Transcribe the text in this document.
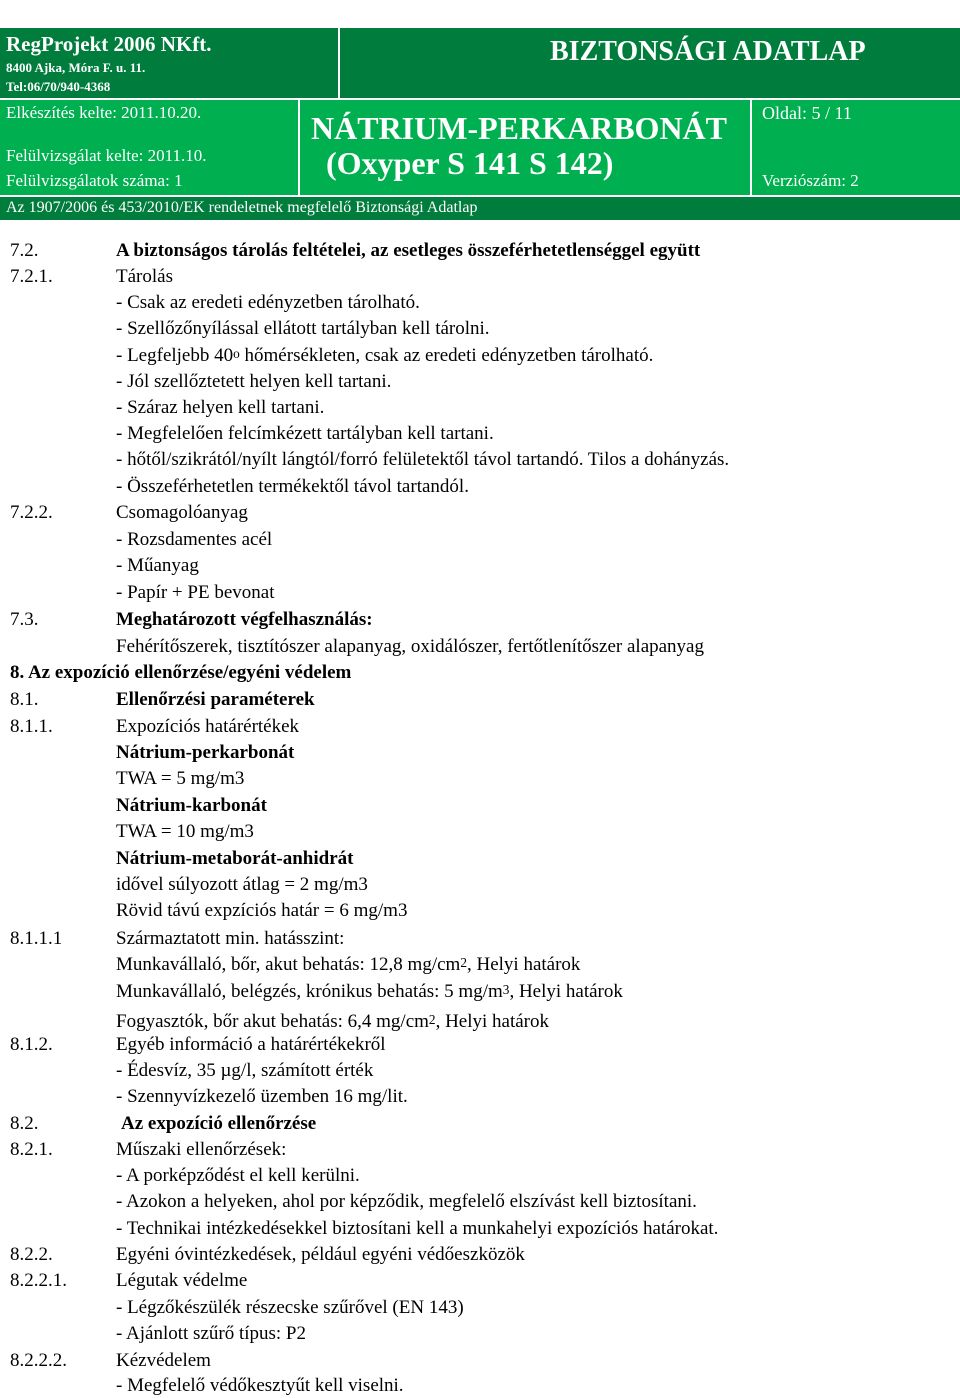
RegProjekt 2006 NKft.
8400 Ajka, Móra F. u. 11.
Tel:06/70/940-4368
BIZTONSÁGI ADATLAP
Elkészítés kelte: 2011.10.20.
Felülvizsgálat kelte: 2011.10.
Felülvizsgálatok száma: 1
NÁTRIUM-PERKARBONÁT
(Oxyper S 141 S 142)
Oldal: 5 / 11
Verziószám: 2
Az 1907/2006 és 453/2010/EK rendeletnek megfelelő Biztonsági Adatlap
7.2.	A biztonságos tárolás feltételei, az esetleges összeférhetetlenséggel együtt
7.2.1.	Tárolás
- Csak az eredeti edényzetben tárolható.
- Szellőzőnyílással ellátott tartályban kell tárolni.
- Legfeljebb 40$^o$ hőmérsékleten, csak az eredeti edényzetben tárolható.
- Jól szellőztetett helyen kell tartani.
- Száraz helyen kell tartani.
- Megfelelően felcímkézett tartályban kell tartani.
- hőtől/szikrától/nyílt lángtól/forró felületektől távol tartandó. Tilos a dohányzás.
- Összeférhetetlen termékektől távol tartandól.
7.2.2.	Csomagolóanyag
- Rozsdamentes acél
- Műanyag
- Papír + PE bevonat
7.3.	Meghatározott végfelhasználás:
Fehérítőszerek, tisztítószer alapanyag, oxidálószer, fertőtlenítőszer alapanyag
8. Az expozíció ellenőrzése/egyéni védelem
8.1.	Ellenőrzési paraméterek
8.1.1.	Expozíciós határértékek
Nátrium-perkarbonát
TWA = 5 mg/m3
Nátrium-karbonát
TWA = 10 mg/m3
Nátrium-metaborát-anhidrát
idővel súlyozott átlag = 2 mg/m3
Rövid távú expzíciós határ = 6 mg/m3
8.1.1.1	Származtatott min. hatásszint:
Munkavállaló, bőr, akut behatás: 12,8 $mg/cm^2$, Helyi határok
Munkavállaló, belégzés, krónikus behatás: 5 $mg/m^3$, Helyi határok
Fogyasztók, bőr akut behatás: 6,4 $mg/cm^2$, Helyi határok
8.1.2.	Egyéb információ a határértékekről
- Édesvíz, 35 µg/l, számított érték
- Szennyvízkezelő üzemben 16 mg/lit.
8.2.	Az expozíció ellenőrzése
8.2.1.	Műszaki ellenőrzések:
- A porképződést el kell kerülni.
- Azokon a helyeken, ahol por képződik, megfelelő elszívást kell biztosítani.
- Technikai intézkedésekkel biztosítani kell a munkahelyi expozíciós határokat.
8.2.2.	Egyéni óvintézkedések, például egyéni védőeszközök
8.2.2.1.	Légutak védelme
- Légzőkészülék részecske szűrővel (EN 143)
- Ajánlott szűrő típus: P2
8.2.2.2.	Kézvédelem
- Megfelelő védőkesztyűt kell viselni.
